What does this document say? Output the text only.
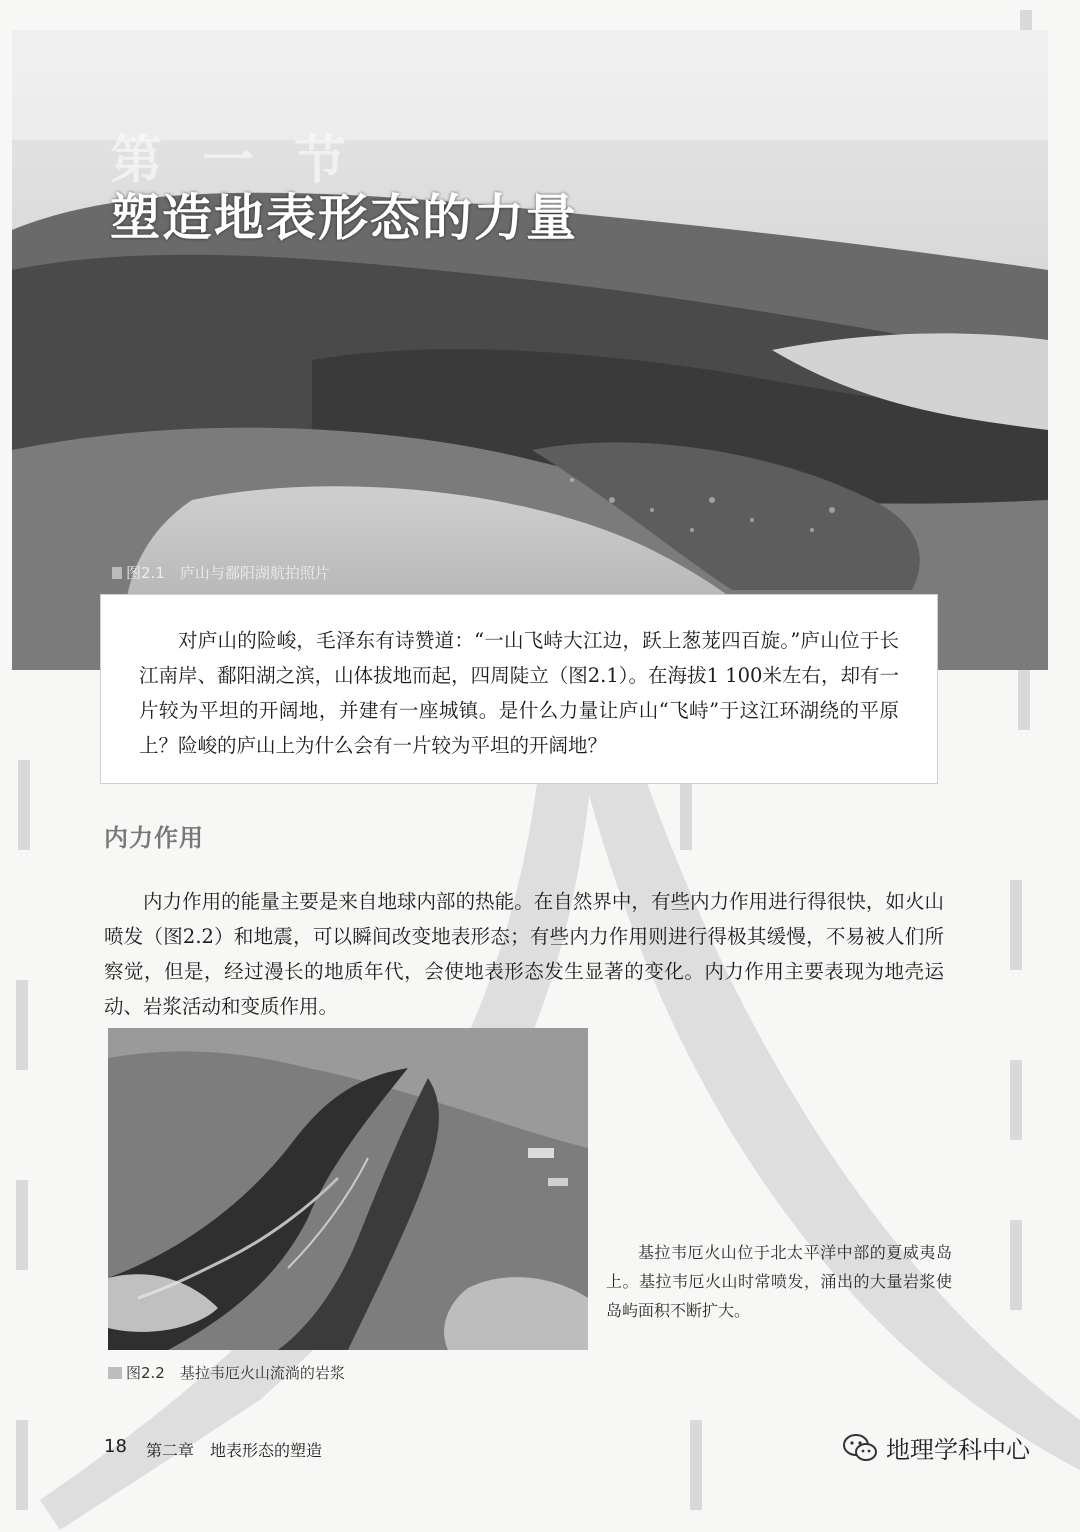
第一节
塑造地表形态的力量
图2.1　庐山与鄱阳湖航拍照片

对庐山的险峻，毛泽东有诗赞道：“一山飞峙大江边，跃上葱茏四百旋。”庐山位于长江南岸、鄱阳湖之滨，山体拔地而起，四周陡立（图2.1）。在海拔1 100米左右，却有一片较为平坦的开阔地，并建有一座城镇。是什么力量让庐山“飞峙”于这江环湖绕的平原上？险峻的庐山上为什么会有一片较为平坦的开阔地？

内力作用

内力作用的能量主要是来自地球内部的热能。在自然界中，有些内力作用进行得很快，如火山喷发（图2.2）和地震，可以瞬间改变地表形态；有些内力作用则进行得极其缓慢，不易被人们所察觉，但是，经过漫长的地质年代，会使地表形态发生显著的变化。内力作用主要表现为地壳运动、岩浆活动和变质作用。

图2.2　基拉韦厄火山流淌的岩浆

基拉韦厄火山位于北太平洋中部的夏威夷岛上。基拉韦厄火山时常喷发，涌出的大量岩浆使岛屿面积不断扩大。

18 第二章　地表形态的塑造	地理学科中心
